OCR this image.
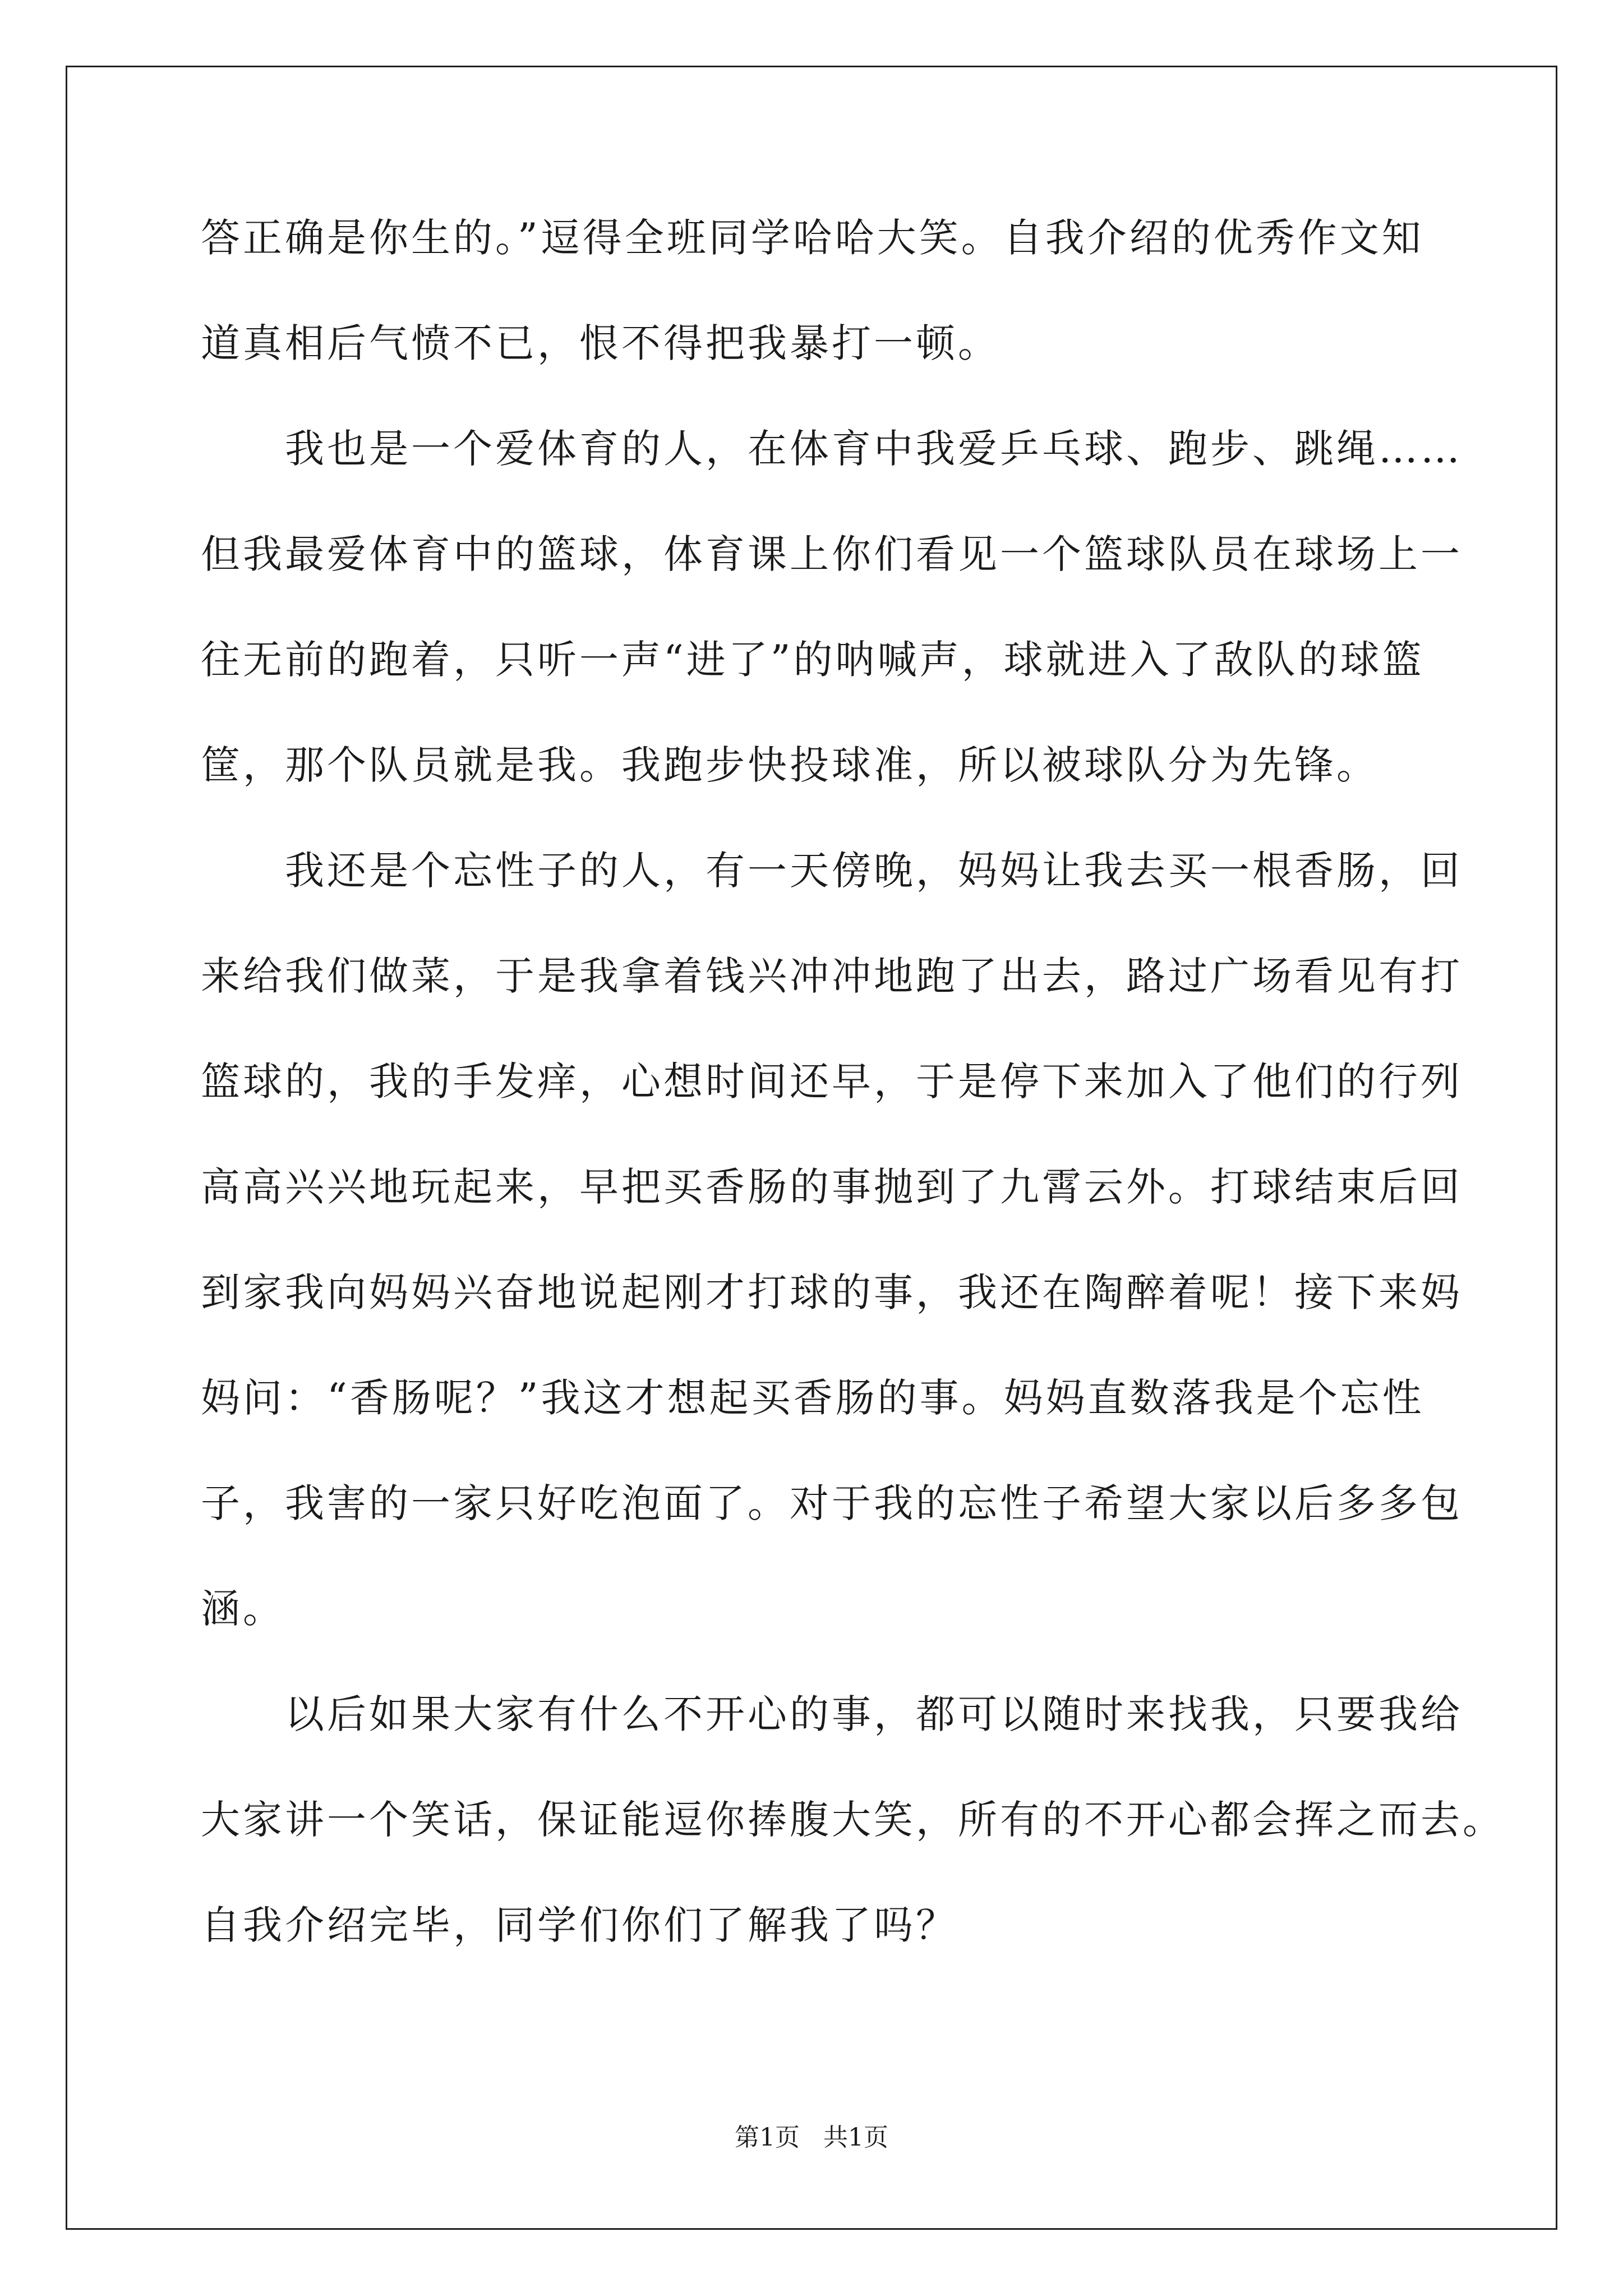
答正确是你生的。”逗得全班同学哈哈大笑。自我介绍的优秀作文知
道真相后气愤不已，恨不得把我暴打一顿。
我也是一个爱体育的人，在体育中我爱乒乓球、跑步、跳绳……
但我最爱体育中的篮球，体育课上你们看见一个篮球队员在球场上一
往无前的跑着，只听一声“进了”的呐喊声，球就进入了敌队的球篮
筐，那个队员就是我。我跑步快投球准，所以被球队分为先锋。
我还是个忘性子的人，有一天傍晚，妈妈让我去买一根香肠，回
来给我们做菜，于是我拿着钱兴冲冲地跑了出去，路过广场看见有打
篮球的，我的手发痒，心想时间还早，于是停下来加入了他们的行列
高高兴兴地玩起来，早把买香肠的事抛到了九霄云外。打球结束后回
到家我向妈妈兴奋地说起刚才打球的事，我还在陶醉着呢！接下来妈
妈问：“香肠呢？”我这才想起买香肠的事。妈妈直数落我是个忘性
子，我害的一家只好吃泡面了。对于我的忘性子希望大家以后多多包
涵。
以后如果大家有什么不开心的事，都可以随时来找我，只要我给
大家讲一个笑话，保证能逗你捧腹大笑，所有的不开心都会挥之而去。
自我介绍完毕，同学们你们了解我了吗？
第1页   共1页
